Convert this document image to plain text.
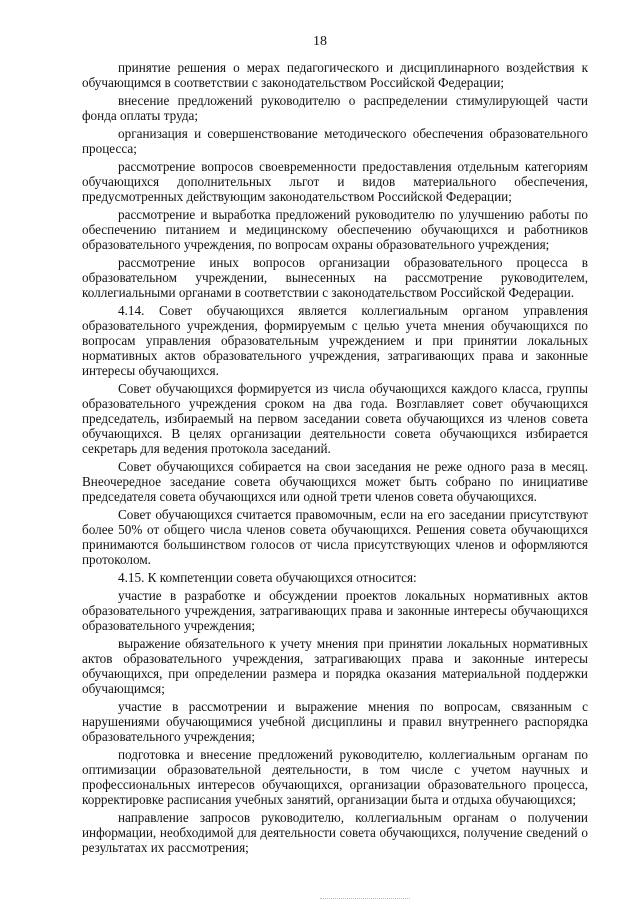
18

принятие решения о мерах педагогического и дисциплинарного воздействия к обучающимся в соответствии с законодательством Российской Федерации;

внесение предложений руководителю о распределении стимулирующей части фонда оплаты труда;

организация и совершенствование методического обеспечения образовательного процесса;

рассмотрение вопросов своевременности предоставления отдельным категориям обучающихся дополнительных льгот и видов материального обеспечения, предусмотренных действующим законодательством Российской Федерации;

рассмотрение и выработка предложений руководителю по улучшению работы по обеспечению питанием и медицинскому обеспечению обучающихся и работников образовательного учреждения, по вопросам охраны образовательного учреждения;

рассмотрение иных вопросов организации образовательного процесса в образовательном учреждении, вынесенных на рассмотрение руководителем, коллегиальными органами в соответствии с законодательством Российской Федерации.

4.14. Совет обучающихся является коллегиальным органом управления образовательного учреждения, формируемым с целью учета мнения обучающихся по вопросам управления образовательным учреждением и при принятии локальных нормативных актов образовательного учреждения, затрагивающих права и законные интересы обучающихся.

Совет обучающихся формируется из числа обучающихся каждого класса, группы образовательного учреждения сроком на два года. Возглавляет совет обучающихся председатель, избираемый на первом заседании совета обучающихся из членов совета обучающихся. В целях организации деятельности совета обучающихся избирается секретарь для ведения протокола заседаний.

Совет обучающихся собирается на свои заседания не реже одного раза в месяц. Внеочередное заседание совета обучающихся может быть собрано по инициативе председателя совета обучающихся или одной трети членов совета обучающихся.

Совет обучающихся считается правомочным, если на его заседании присутствуют более 50% от общего числа членов совета обучающихся. Решения совета обучающихся принимаются большинством голосов от числа присутствующих членов и оформляются протоколом.

4.15. К компетенции совета обучающихся относится:

участие в разработке и обсуждении проектов локальных нормативных актов образовательного учреждения, затрагивающих права и законные интересы обучающихся образовательного учреждения;

выражение обязательного к учету мнения при принятии локальных нормативных актов образовательного учреждения, затрагивающих права и законные интересы обучающихся, при определении размера и порядка оказания материальной поддержки обучающимся;

участие в рассмотрении и выражение мнения по вопросам, связанным с нарушениями обучающимися учебной дисциплины и правил внутреннего распорядка образовательного учреждения;

подготовка и внесение предложений руководителю, коллегиальным органам по оптимизации образовательной деятельности, в том числе с учетом научных и профессиональных интересов обучающихся, организации образовательного процесса, корректировке расписания учебных занятий, организации быта и отдыха обучающихся;

направление запросов руководителю, коллегиальным органам о получении информации, необходимой для деятельности совета обучающихся, получение сведений о результатах их рассмотрения;
